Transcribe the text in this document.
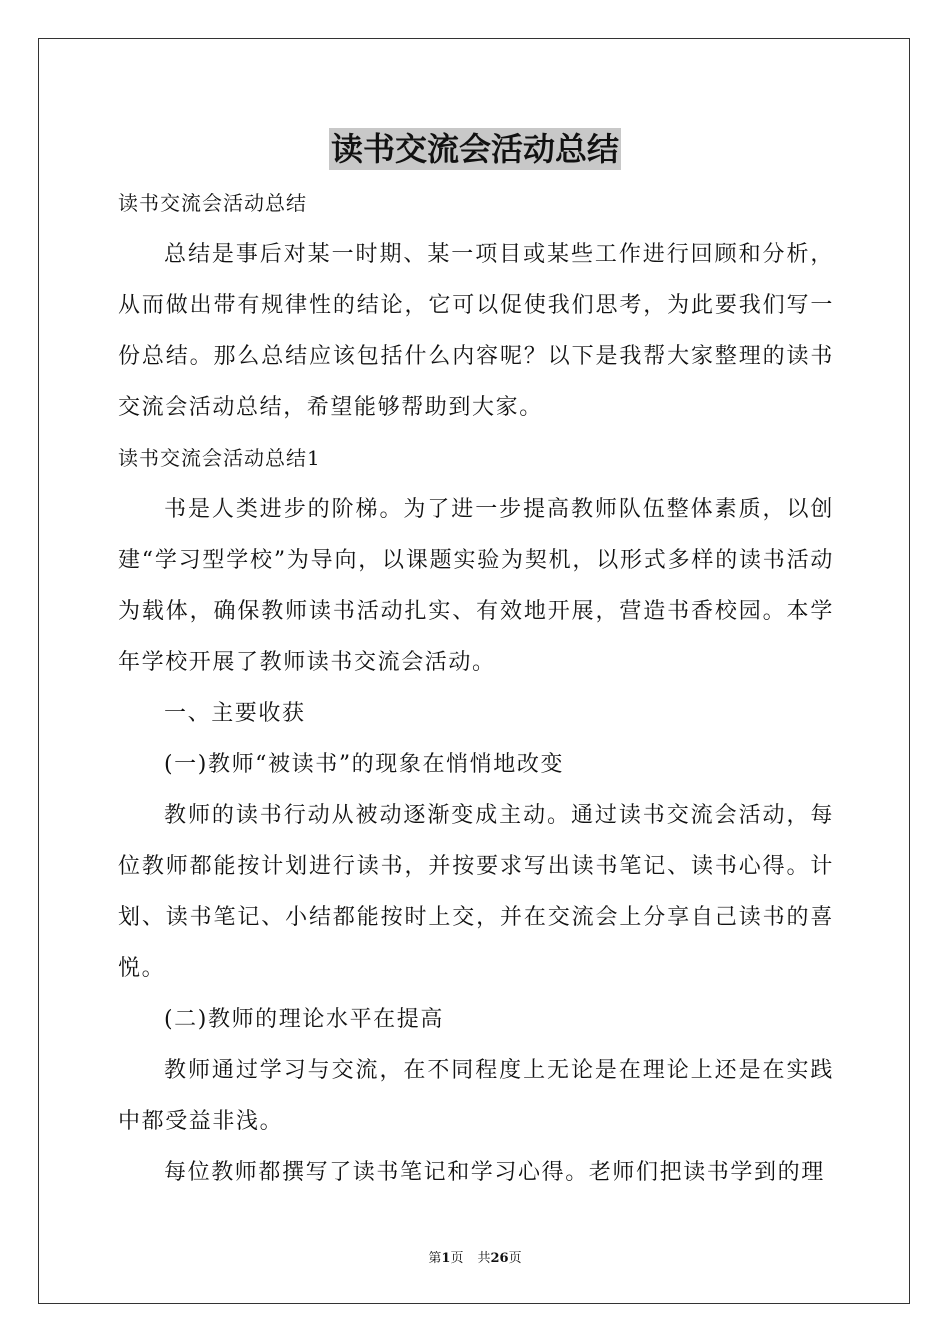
读书交流会活动总结

读书交流会活动总结

总结是事后对某一时期、某一项目或某些工作进行回顾和分析，从而做出带有规律性的结论，它可以促使我们思考，为此要我们写一份总结。那么总结应该包括什么内容呢？以下是我帮大家整理的读书交流会活动总结，希望能够帮助到大家。

读书交流会活动总结1

书是人类进步的阶梯。为了进一步提高教师队伍整体素质，以创建“学习型学校”为导向，以课题实验为契机，以形式多样的读书活动为载体，确保教师读书活动扎实、有效地开展，营造书香校园。本学年学校开展了教师读书交流会活动。

一、主要收获

(一)教师“被读书”的现象在悄悄地改变

教师的读书行动从被动逐渐变成主动。通过读书交流会活动，每位教师都能按计划进行读书，并按要求写出读书笔记、读书心得。计划、读书笔记、小结都能按时上交，并在交流会上分享自己读书的喜悦。

(二)教师的理论水平在提高

教师通过学习与交流，在不同程度上无论是在理论上还是在实践中都受益非浅。

每位教师都撰写了读书笔记和学习心得。老师们把读书学到的理

第1页 共26页
